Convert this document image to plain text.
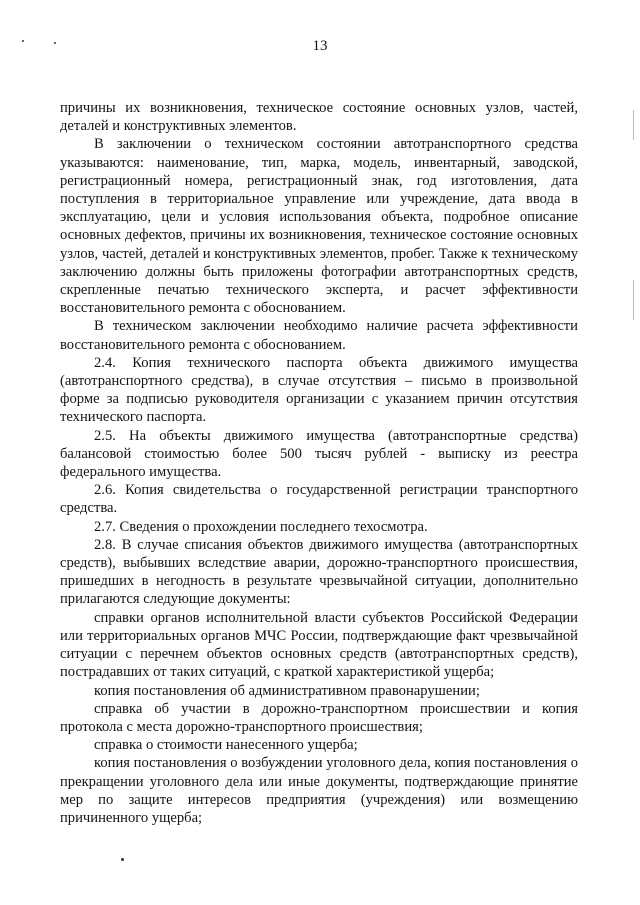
13

причины их возникновения, техническое состояние основных узлов, частей, деталей и конструктивных элементов.

В заключении о техническом состоянии автотранспортного средства указываются: наименование, тип, марка, модель, инвентарный, заводской, регистрационный номера, регистрационный знак, год изготовления, дата поступления в территориальное управление или учреждение, дата ввода в эксплуатацию, цели и условия использования объекта, подробное описание основных дефектов, причины их возникновения, техническое состояние основных узлов, частей, деталей и конструктивных элементов, пробег. Также к техническому заключению должны быть приложены фотографии автотранспортных средств, скрепленные печатью технического эксперта, и расчет эффективности восстановительного ремонта с обоснованием.

В техническом заключении необходимо наличие расчета эффективности восстановительного ремонта с обоснованием.

2.4. Копия технического паспорта объекта движимого имущества (автотранспортного средства), в случае отсутствия – письмо в произвольной форме за подписью руководителя организации с указанием причин отсутствия технического паспорта.

2.5. На объекты движимого имущества (автотранспортные средства) балансовой стоимостью более 500 тысяч рублей - выписку из реестра федерального имущества.

2.6. Копия свидетельства о государственной регистрации транспортного средства.

2.7. Сведения о прохождении последнего техосмотра.

2.8. В случае списания объектов движимого имущества (автотранспортных средств), выбывших вследствие аварии, дорожно-транспортного происшествия, пришедших в негодность в результате чрезвычайной ситуации, дополнительно прилагаются следующие документы:

справки органов исполнительной власти субъектов Российской Федерации или территориальных органов МЧС России, подтверждающие факт чрезвычайной ситуации с перечнем объектов основных средств (автотранспортных средств), пострадавших от таких ситуаций, с краткой характеристикой ущерба;

копия постановления об административном правонарушении;

справка об участии в дорожно-транспортном происшествии и копия протокола с места дорожно-транспортного происшествия;

справка о стоимости нанесенного ущерба;

копия постановления о возбуждении уголовного дела, копия постановления о прекращении уголовного дела или иные документы, подтверждающие принятие мер по защите интересов предприятия (учреждения) или возмещению причиненного ущерба;
